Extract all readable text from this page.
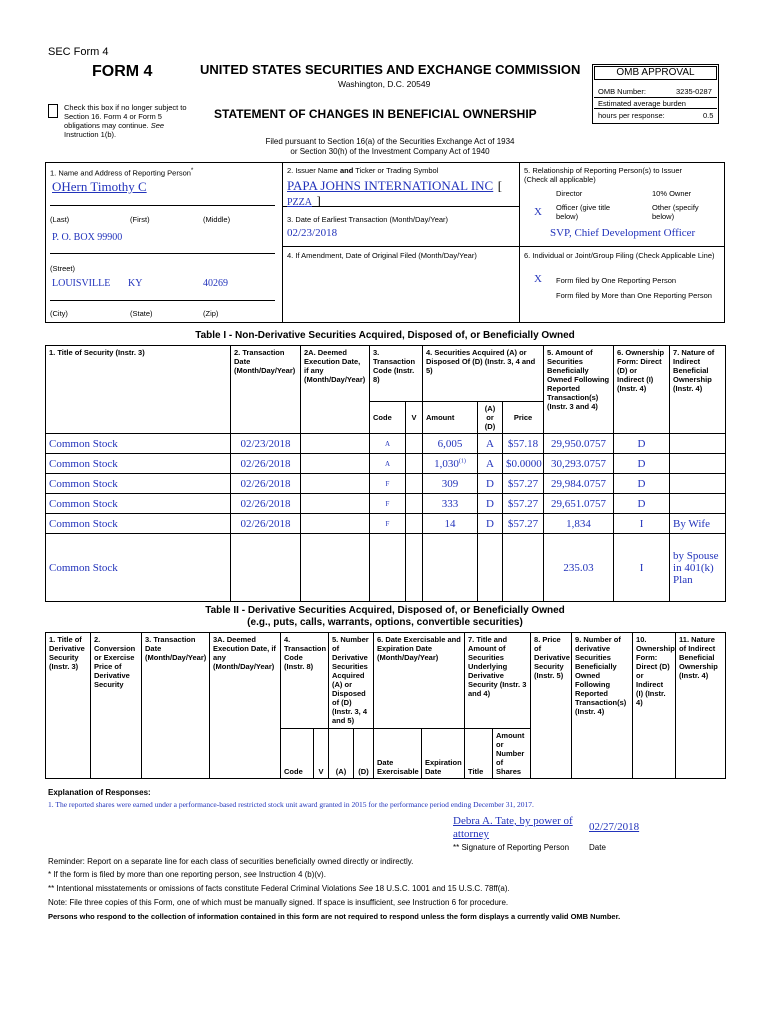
SEC Form 4
FORM 4	UNITED STATES SECURITIES AND EXCHANGE COMMISSION
Washington, D.C. 20549
Check this box if no longer subject to Section 16. Form 4 or Form 5 obligations may continue. See Instruction 1(b).
STATEMENT OF CHANGES IN BENEFICIAL OWNERSHIP
Filed pursuant to Section 16(a) of the Securities Exchange Act of 1934
or Section 30(h) of the Investment Company Act of 1940
OMB APPROVAL
OMB Number:	3235-0287
Estimated average burden
hours per response:	0.5
1. Name and Address of Reporting Person*
OHern Timothy C
(Last)	(First)	(Middle)
P. O. BOX 99900
(Street)
LOUISVILLE KY	40269
(City)	(State)	(Zip)
2. Issuer Name and Ticker or Trading Symbol
PAPA JOHNS INTERNATIONAL INC [
PZZA ]
3. Date of Earliest Transaction (Month/Day/Year)
02/23/2018
4. If Amendment, Date of Original Filed (Month/Day/Year)
5. Relationship of Reporting Person(s) to Issuer
(Check all applicable)
Director	10% Owner
X Officer (give title below)
Other (specify below)
SVP, Chief Development Officer
6. Individual or Joint/Group Filing (Check Applicable Line)
X Form filed by One Reporting Person
Form filed by More than One Reporting Person
Table I - Non-Derivative Securities Acquired, Disposed of, or Beneficially Owned
1. Title of Security (Instr. 3)	2. Transaction Date (Month/Day/Year)	2A. Deemed Execution Date, if any (Month/Day/Year)	3. Transaction Code (Instr. 8)		4. Securities Acquired (A) or Disposed Of (D) (Instr. 3, 4 and 5)			5. Amount of Securities Beneficially Owned Following Reported Transaction(s) (Instr. 3 and 4)	6. Ownership Form: Direct (D) or Indirect (I) (Instr. 4)	7. Nature of Indirect Beneficial Ownership (Instr. 4)
			Code	V	Amount	(A) or (D)	Price			
Common Stock	02/23/2018		A		6,005	A	$57.18	29,950.0757	D	
Common Stock	02/26/2018		A		1,030$^{(1)}$	A	$0.0000	30,293.0757	D	
Common Stock	02/26/2018		F		309	D	$57.27	29,984.0757	D	
Common Stock	02/26/2018		F		333	D	$57.27	29,651.0757	D	
Common Stock	02/26/2018		F		14	D	$57.27	1,834	I	By Wife
Common Stock								235.03	I	by Spouse in 401(k) Plan
Table II - Derivative Securities Acquired, Disposed of, or Beneficially Owned
(e.g., puts, calls, warrants, options, convertible securities)
1. Title of Derivative Security (Instr. 3)	2. Conversion or Exercise Price of Derivative Security	3. Transaction Date (Month/Day/Year)	3A. Deemed Execution Date, if any (Month/Day/Year)	4. Transaction Code (Instr. 8)		5. Number of Derivative Securities Acquired (A) or Disposed of (D) (Instr. 3, 4 and 5)		6. Date Exercisable and Expiration Date (Month/Day/Year)		7. Title and Amount of Securities Underlying Derivative Security (Instr. 3 and 4)		8. Price of Derivative Security (Instr. 5)	9. Number of derivative Securities Beneficially Owned Following Reported Transaction(s) (Instr. 4)	10. Ownership Form: Direct (D) or Indirect (I) (Instr. 4)	11. Nature of Indirect Beneficial Ownership (Instr. 4)
				Code	V	(A)	(D)	Date Exercisable	Expiration Date	Title	Amount or Number of Shares				
Explanation of Responses:
1. The reported shares were earned under a performance-based restricted stock unit award granted in 2015 for the performance period ending December 31, 2017.
Debra A. Tate, by power of attorney
02/27/2018
** Signature of Reporting Person Date
Reminder: Report on a separate line for each class of securities beneficially owned directly or indirectly.
* If the form is filed by more than one reporting person, see Instruction 4 (b)(v).
** Intentional misstatements or omissions of facts constitute Federal Criminal Violations See 18 U.S.C. 1001 and 15 U.S.C. 78ff(a).
Note: File three copies of this Form, one of which must be manually signed. If space is insufficient, see Instruction 6 for procedure.
Persons who respond to the collection of information contained in this form are not required to respond unless the form displays a currently valid OMB Number.
